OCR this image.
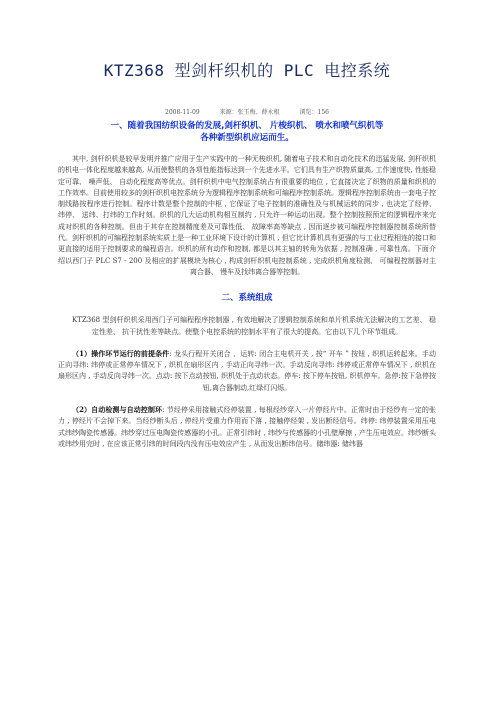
KTZ368 型剑杆织机的 PLC 电控系统
2008-11-09	来源：张玉梅、薛永根	浏览：156
一、随着我国纺织设备的发展,剑杆织机、 片梭织机、 喷水和喷气织机等
各种新型织机应运而生。

其中, 剑杆织机是较早发明并推广应用于生产实践中的一种无梭织机, 随着电子技术和自动化技术的迅猛发展, 剑杆织机的机电一体化程度越来越高, 从而使整机的各项性能指标达到一个先进水平。它们具有生产织物质量高, 工作速度快, 性能稳定可靠、 噪声低、 自动化程度高等优点。剑杆织机中电气控制系统占有很重要的地位 , 它直接决定了织物的质量和织机的工作效率。目前使用较多的剑杆织机电控系统分为逻辑程序控制系统和可编程序控制系统。逻辑程序控制系统由一套电子控制线路按程序进行控制。程序计数是整个控制的中枢 , 它保证了电子控制的准确性及与机械运转的同步 , 也决定了经停、 纬停、 送纬、打纬的工作时刻。织机的几大运动机构相互制约 , 只允许一种运动出现。整个控制按照预定的逻辑程序来完成对织机的各种控制。但由于其存在控制精度差及可靠性低、 故障率高等缺点 , 因而逐步被可编程序控制器控制系统所替代。剑杆织机的可编程控制系统实质上是一种工业环境下设计的计算机 , 但它比计算机具有更强的与工业过程相连的接口和更直接的适用于控制要求的编程语言。织机的所有动作和控制, 都是以其主轴的转角为依据 , 控制准确 , 可靠性高。下面介绍以西门子 PLC S7 - 200 及相应的扩展模块为核心 , 构成剑杆织机电控制系统 , 完成织机角度检测、 可编程控制器对主离合器、 慢车及找纬离合器等控制。

二、系统组成

KTZ368 型剑杆织机采用西门子可编程程序控制器 , 有效地解决了逻辑控制系统和单片机系统无法解决的工艺差、 稳定性差、 抗干扰性差等缺点。使整个电控系统的控制水平有了很大的提高。它由以下几个环节组成。

（1）操作环节运行的前提条件: 龙头行程开关闭合 、运转: 闭合主电机开关 , 按“ 开车 ” 按钮 , 织机运转起来。手动正向寻纬: 纬停或正常停车情况下 , 织机在扇形区内 , 手动正向寻纬一次。手动反向寻纬: 纬停或正常停车情况下 , 织机在扇形区内 , 手动反向寻纬一次。点动: 按下点动按钮, 织机处于点动状态。停车: 按下停车按钮, 织机停车。急停:按下急停按钮,离合器制动,红绿灯闪烁。

（2）自动检测与自动控制环: 节经停采用接触式经停装置 , 每根经纱穿入一片停经片中。正常时由于经纱有一定的张力 , 停经片不会掉下来。当经纱断头后 , 停经片受重力作用而下落 , 接触停经架 , 发出断经信号。纬停: 纬停装置采用压电式纬纱陶瓷传感器。纬纱穿过压电陶瓷传感器的小孔。正常引纬时 , 纬纱与传感器的小孔壁摩擦 , 产生压电效应。纬纱断头或纬纱用完时 , 在应该正常引纬的时间段内没有压电效应产生 , 从而发出断纬信号。储纬器: 储纬器
